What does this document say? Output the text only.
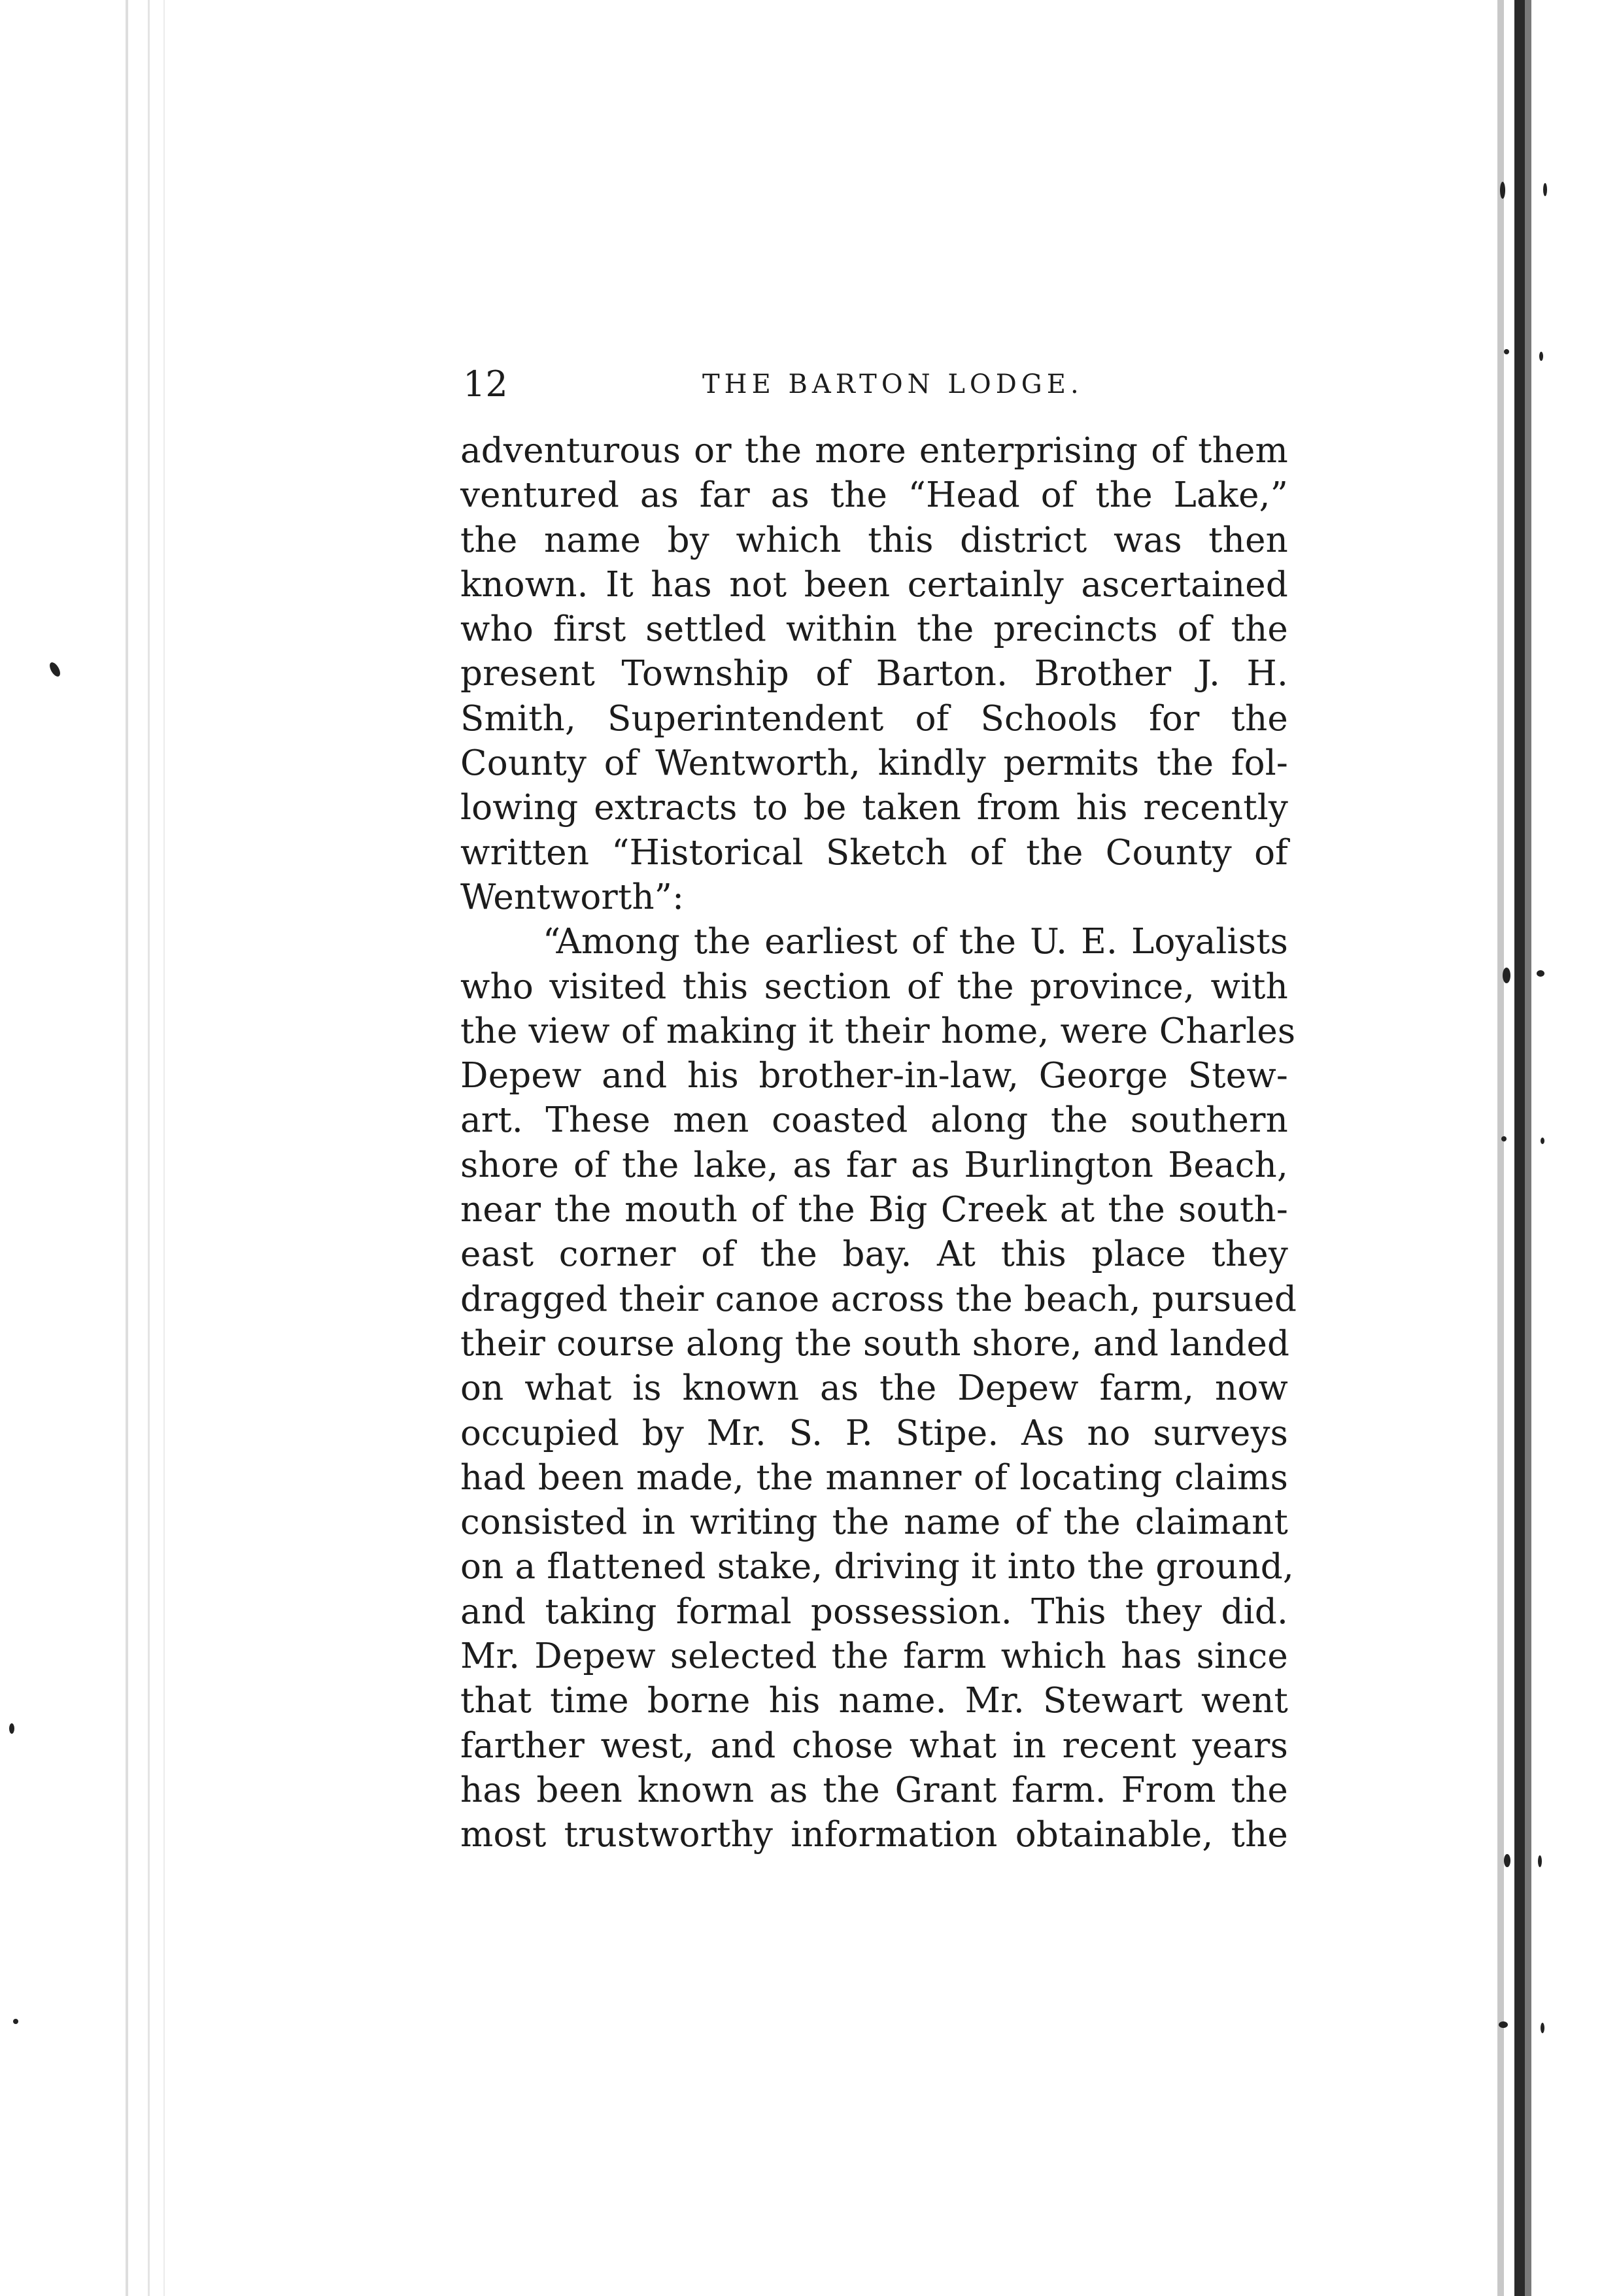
12	THE BARTON LODGE.
adventurous or the more enterprising of them
ventured as far as the “Head of the Lake,”
the name by which this district was then
known. It has not been certainly ascertained
who first settled within the precincts of the
present Township of Barton. Brother J. H.
Smith, Superintendent of Schools for the
County of Wentworth, kindly permits the fol-
lowing extracts to be taken from his recently
written “Historical Sketch of the County of
Wentworth”:
“Among the earliest of the U. E. Loyalists
who visited this section of the province, with
the view of making it their home, were Charles
Depew and his brother-in-law, George Stew-
art. These men coasted along the southern
shore of the lake, as far as Burlington Beach,
near the mouth of the Big Creek at the south-
east corner of the bay. At this place they
dragged their canoe across the beach, pursued
their course along the south shore, and landed
on what is known as the Depew farm, now
occupied by Mr. S. P. Stipe. As no surveys
had been made, the manner of locating claims
consisted in writing the name of the claimant
on a flattened stake, driving it into the ground,
and taking formal possession. This they did.
Mr. Depew selected the farm which has since
that time borne his name. Mr. Stewart went
farther west, and chose what in recent years
has been known as the Grant farm. From the
most trustworthy information obtainable, the
